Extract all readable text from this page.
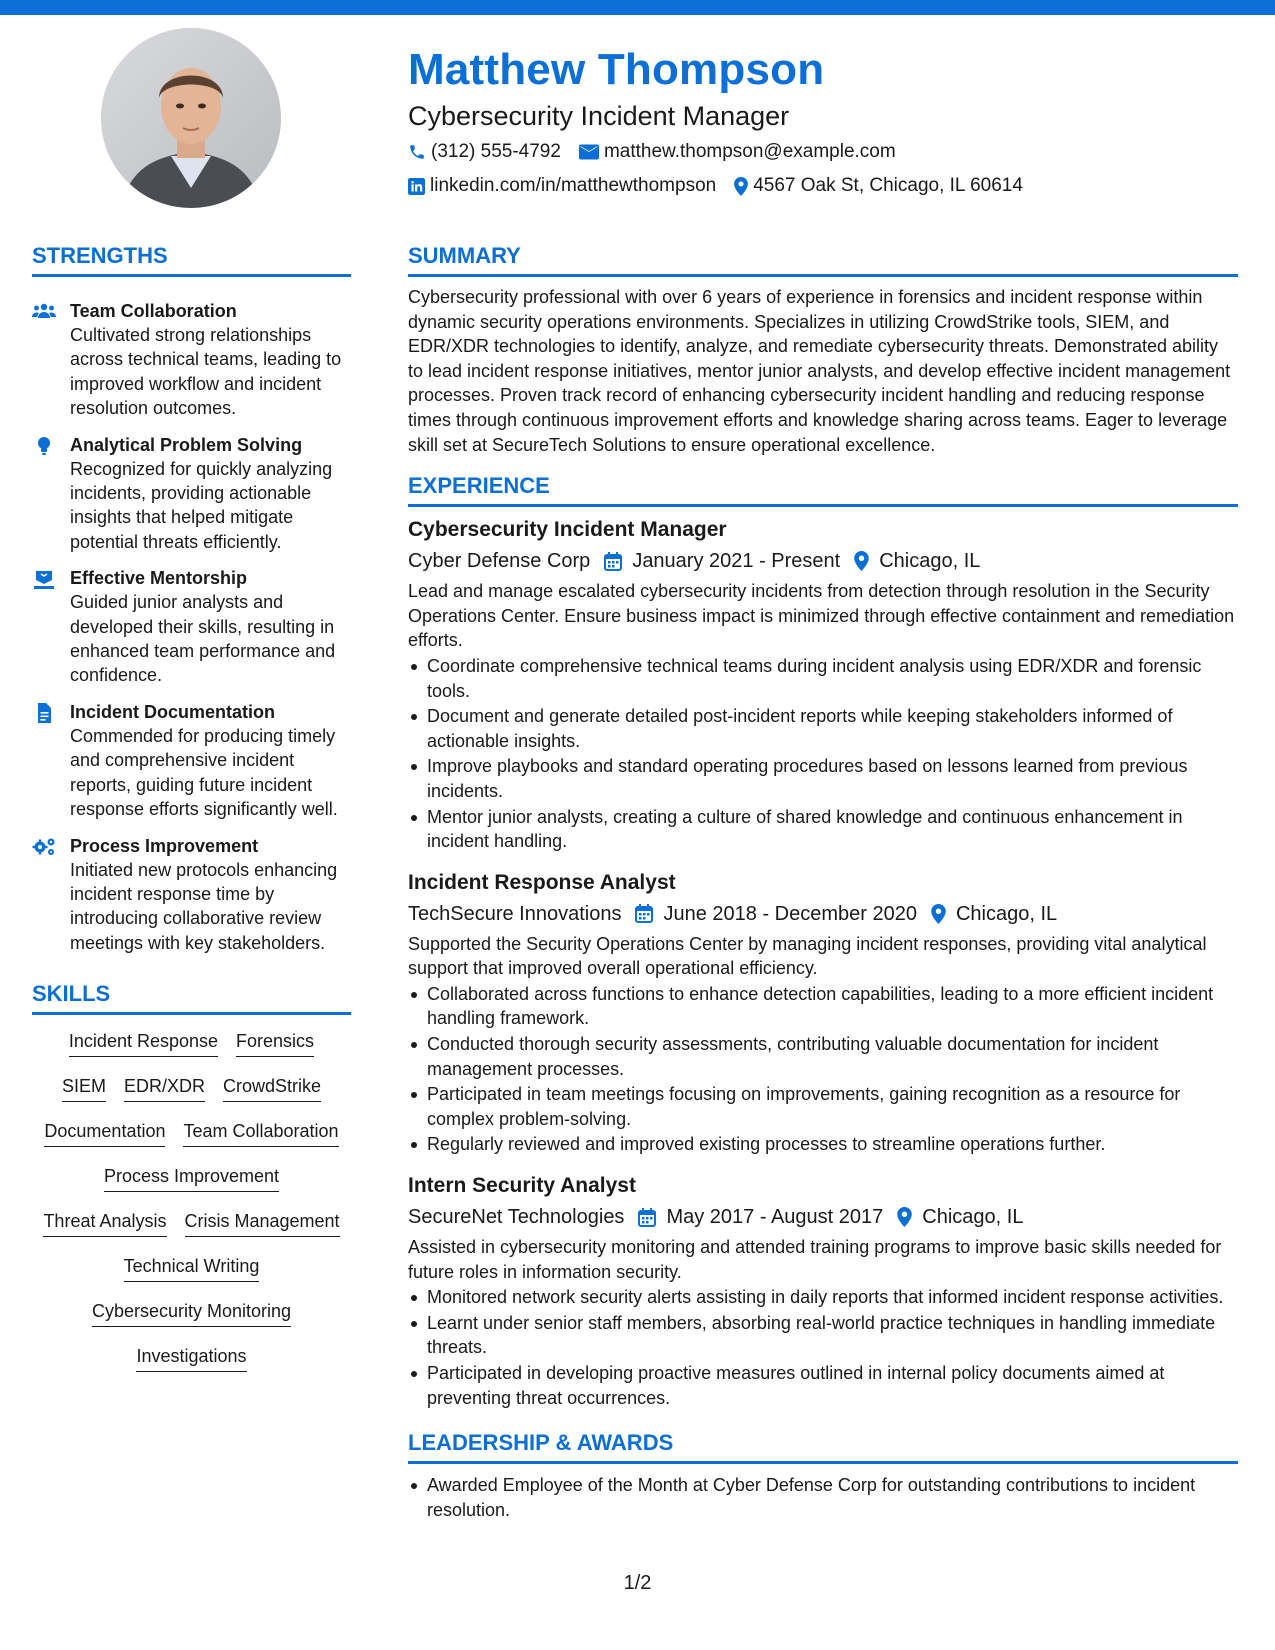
Matthew Thompson
Cybersecurity Incident Manager
(312) 555-4792 matthew.thompson@example.com
linkedin.com/in/matthewthompson 4567 Oak St, Chicago, IL 60614
STRENGTHS
Team Collaboration
Cultivated strong relationships across technical teams, leading to improved workflow and incident resolution outcomes.
Analytical Problem Solving
Recognized for quickly analyzing incidents, providing actionable insights that helped mitigate potential threats efficiently.
Effective Mentorship
Guided junior analysts and developed their skills, resulting in enhanced team performance and confidence.
Incident Documentation
Commended for producing timely and comprehensive incident reports, guiding future incident response efforts significantly well.
Process Improvement
Initiated new protocols enhancing incident response time by introducing collaborative review meetings with key stakeholders.
SKILLS
Incident Response Forensics
SIEM EDR/XDR CrowdStrike
Documentation Team Collaboration
Process Improvement
Threat Analysis Crisis Management
Technical Writing
Cybersecurity Monitoring
Investigations
SUMMARY
Cybersecurity professional with over 6 years of experience in forensics and incident response within dynamic security operations environments. Specializes in utilizing CrowdStrike tools, SIEM, and EDR/XDR technologies to identify, analyze, and remediate cybersecurity threats. Demonstrated ability to lead incident response initiatives, mentor junior analysts, and develop effective incident management processes. Proven track record of enhancing cybersecurity incident handling and reducing response times through continuous improvement efforts and knowledge sharing across teams. Eager to leverage skill set at SecureTech Solutions to ensure operational excellence.
EXPERIENCE
Cybersecurity Incident Manager
Cyber Defense Corp January 2021 - Present Chicago, IL
Lead and manage escalated cybersecurity incidents from detection through resolution in the Security Operations Center. Ensure business impact is minimized through effective containment and remediation efforts.
Coordinate comprehensive technical teams during incident analysis using EDR/XDR and forensic tools.
Document and generate detailed post-incident reports while keeping stakeholders informed of actionable insights.
Improve playbooks and standard operating procedures based on lessons learned from previous incidents.
Mentor junior analysts, creating a culture of shared knowledge and continuous enhancement in incident handling.
Incident Response Analyst
TechSecure Innovations June 2018 - December 2020 Chicago, IL
Supported the Security Operations Center by managing incident responses, providing vital analytical support that improved overall operational efficiency.
Collaborated across functions to enhance detection capabilities, leading to a more efficient incident handling framework.
Conducted thorough security assessments, contributing valuable documentation for incident management processes.
Participated in team meetings focusing on improvements, gaining recognition as a resource for complex problem-solving.
Regularly reviewed and improved existing processes to streamline operations further.
Intern Security Analyst
SecureNet Technologies May 2017 - August 2017 Chicago, IL
Assisted in cybersecurity monitoring and attended training programs to improve basic skills needed for future roles in information security.
Monitored network security alerts assisting in daily reports that informed incident response activities.
Learnt under senior staff members, absorbing real-world practice techniques in handling immediate threats.
Participated in developing proactive measures outlined in internal policy documents aimed at preventing threat occurrences.
LEADERSHIP & AWARDS
Awarded Employee of the Month at Cyber Defense Corp for outstanding contributions to incident resolution.
1/2
